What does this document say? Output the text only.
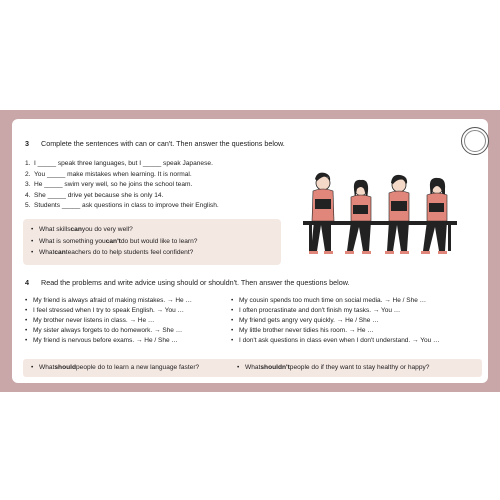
3	Complete the sentences with can or can't. Then answer the questions below.
1. I _____ speak three languages, but I _____ speak Japanese.
2. You _____ make mistakes when learning. It is normal.
3. He _____ swim very well, so he joins the school team.
4. She _____ drive yet because she is only 14.
5. Students _____ ask questions in class to improve their English.
• What skills can you do very well?
• What is something you can't do but would like to learn?
• What can teachers do to help students feel confident?
4	Read the problems and write advice using should or shouldn't. Then answer the questions below.
• My friend is always afraid of making mistakes. → He …
• I feel stressed when I try to speak English. → You …
• My brother never listens in class. → He …
• My sister always forgets to do homework. → She …
• My friend is nervous before exams. → He / She …
• My cousin spends too much time on social media. → He / She …
• I often procrastinate and don't finish my tasks. → You …
• My friend gets angry very quickly. → He / She …
• My little brother never tidies his room. → He …
• I don't ask questions in class even when I don't understand. → You …
• What should people do to learn a new language faster?	• What shouldn't people do if they want to stay healthy or happy?
